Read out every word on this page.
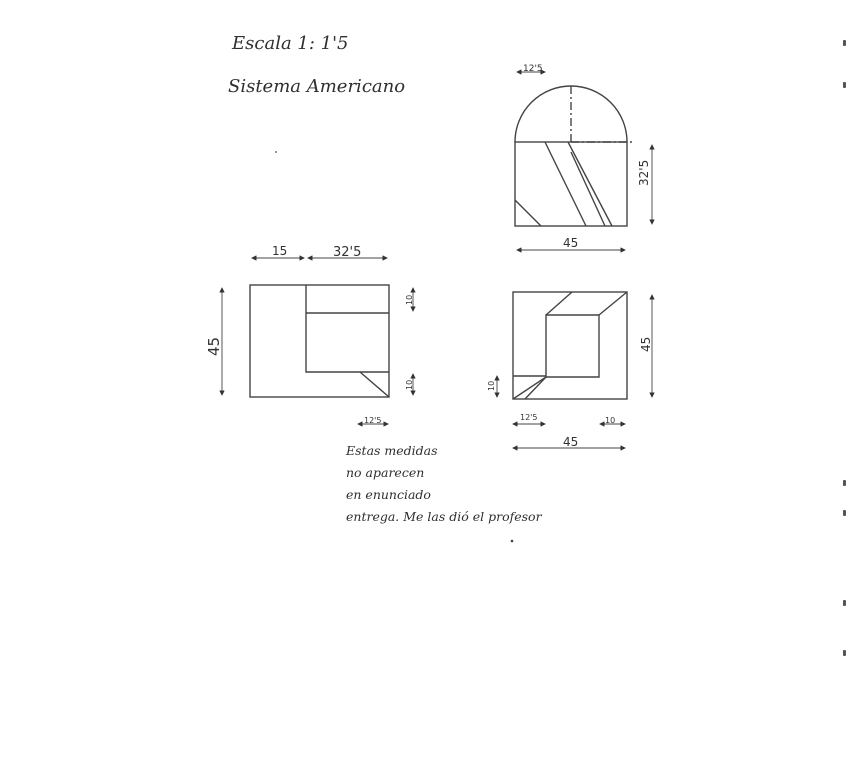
Escala 1: 1'5
Sistema Americano
12'5
32'5
45
15	32'5
45
10
10
12'5
45
10
12'5	10
45
Estas medidas
no aparecen
en enunciado
entrega. Me las dió el profesor
